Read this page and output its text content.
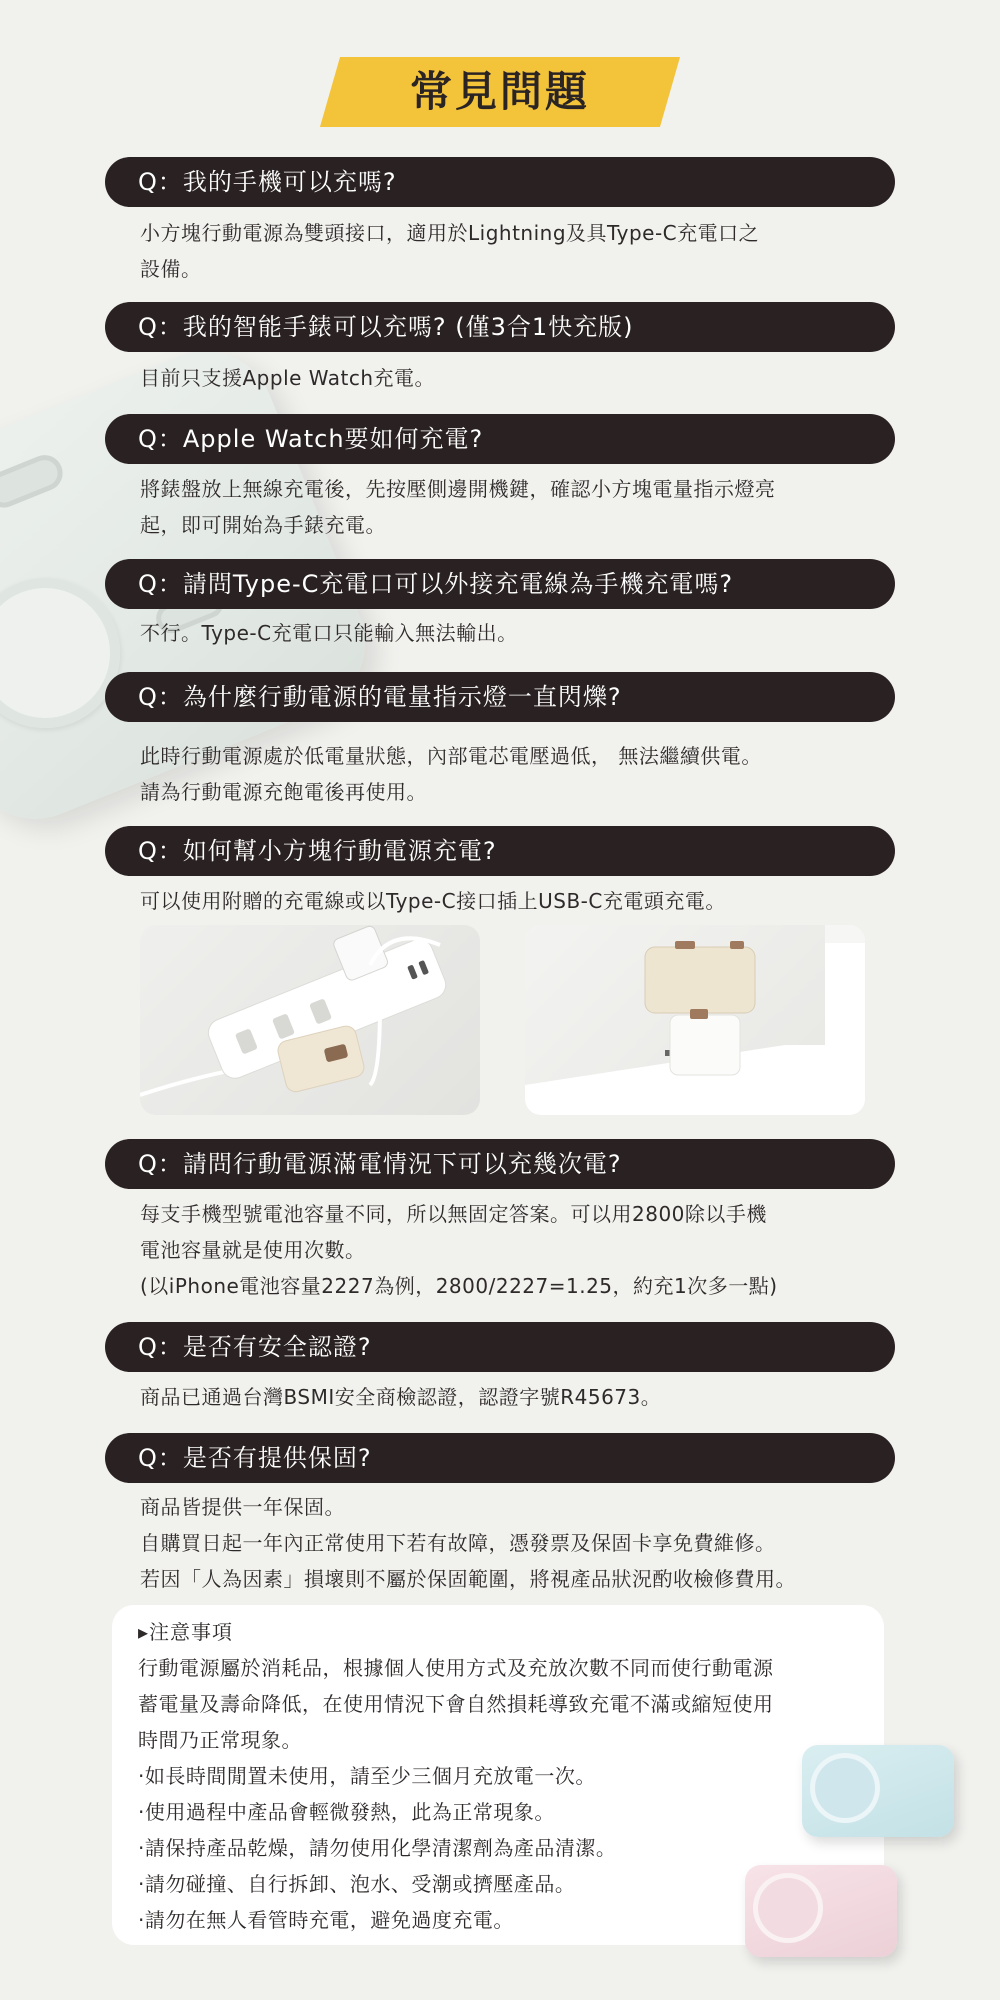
常見問題
Q：我的手機可以充嗎?

小方塊行動電源為雙頭接口，適用於Lightning及具Type-C充電口之

設備。

Q：我的智能手錶可以充嗎? (僅3合1快充版)

目前只支援Apple Watch充電。

Q：Apple Watch要如何充電?

將錶盤放上無線充電後，先按壓側邊開機鍵，確認小方塊電量指示燈亮

起，即可開始為手錶充電。

Q：請問Type-C充電口可以外接充電線為手機充電嗎?

不行。Type-C充電口只能輸入無法輸出。

Q：為什麼行動電源的電量指示燈一直閃爍?

此時行動電源處於低電量狀態，內部電芯電壓過低， 無法繼續供電。

請為行動電源充飽電後再使用。

Q：如何幫小方塊行動電源充電?

可以使用附贈的充電線或以Type-C接口插上USB-C充電頭充電。

Q：請問行動電源滿電情況下可以充幾次電?

每支手機型號電池容量不同，所以無固定答案。可以用2800除以手機

電池容量就是使用次數。

(以iPhone電池容量2227為例，2800/2227=1.25，約充1次多一點)

Q：是否有安全認證?

商品已通過台灣BSMI安全商檢認證，認證字號R45673。

Q：是否有提供保固?

商品皆提供一年保固。

自購買日起一年內正常使用下若有故障，憑發票及保固卡享免費維修。

若因「人為因素」損壞則不屬於保固範圍，將視產品狀況酌收檢修費用。

▸注意事項

行動電源屬於消耗品，根據個人使用方式及充放次數不同而使行動電源

蓄電量及壽命降低，在使用情況下會自然損耗導致充電不滿或縮短使用

時間乃正常現象。

‧如長時間閒置未使用，請至少三個月充放電一次。

‧使用過程中產品會輕微發熱，此為正常現象。

‧請保持產品乾燥，請勿使用化學清潔劑為產品清潔。

‧請勿碰撞、自行拆卸、泡水、受潮或擠壓產品。

‧請勿在無人看管時充電，避免過度充電。
